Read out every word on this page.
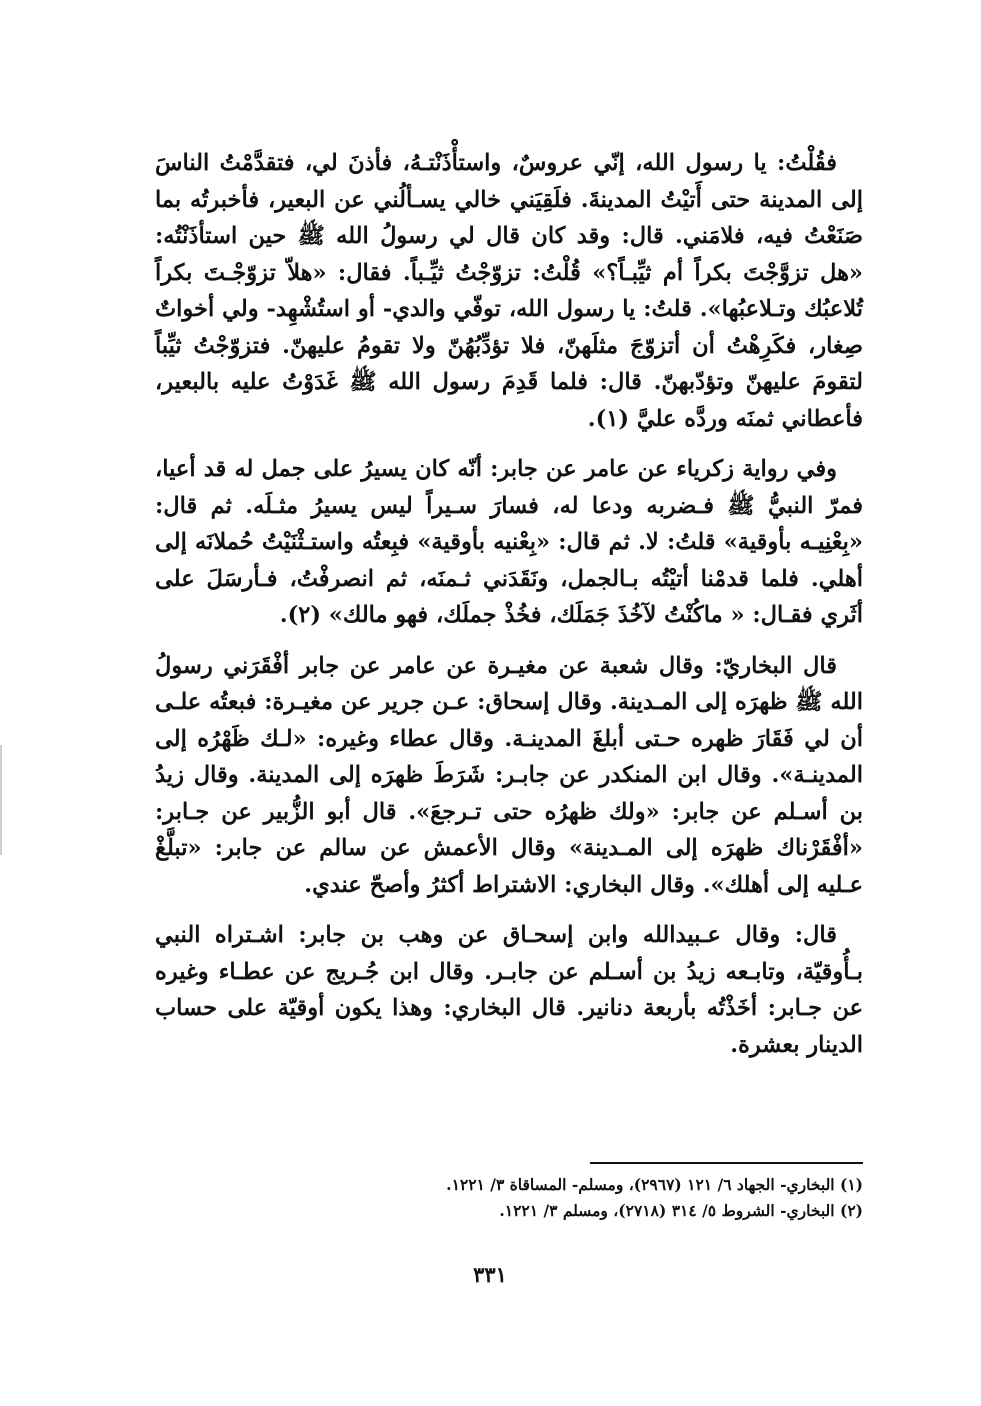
فقُلْتُ: يا رسول الله، إنّي عروسٌ، واستأْذَنْتـهُ، فأذنَ لي، فتقدَّمْتُ الناسَ إلى المدينة حتى أَتيْتُ المدينةَ. فلَقِيَني خالي يسـألُني عن البعير، فأخبرتُه بما صَنَعْتُ فيه، فلامَني. قال: وقد كان قال لي رسولُ الله ﷺ حين استأذَنْتُه: «هل تزوَّجْتَ بكراً أم ثيِّبـاً؟» قُلْتُ: تزوّجْتُ ثيِّـباً. فقال: «هلاّ تزوّجْـتَ بكراً تُلاعبُك وتـلاعبُها». قلتُ: يا رسول الله، توفّي والدي- أو استُشْهِد- ولي أخواتٌ صِغار، فكَرِهْتُ أن أتزوّجَ مثلَهنّ، فلا تؤدِّبُهُنّ ولا تقومُ عليهنّ. فتزوّجْتُ ثيِّباً لتقومَ عليهنّ وتؤدّبهنّ. قال: فلما قَدِمَ رسول الله ﷺ غَدَوْتُ عليه بالبعير، فأعطاني ثمنَه وردَّه عليَّ (١).

وفي رواية زكرياء عن عامر عن جابر: أنّه كان يسيرُ على جمل له قد أعيا، فمرّ النبيُّ ﷺ فـضربه ودعا له، فسارَ سـيراً ليس يسيرُ مثـلَه. ثم قال: «بِعْنِيـه بأوقية» قلتُ: لا. ثم قال: «بِعْنيه بأوقية» فبِعتُه واستـثْنَيْتُ حُملانَه إلى أهلي. فلما قدمْنا أتيْتُه بـالجمل، ونَقَدَني ثـمنَه، ثم انصرفْتُ، فـأرسَلَ على أثَري فقـال: « ماكُنْتُ لآخُذَ جَمَلَك، فخُذْ جملَك، فهو مالك» (٢).

قال البخاريّ: وقال شعبة عن مغيـرة عن عامر عن جابر أفْقَرَني رسولُ الله ﷺ ظهرَه إلى المـدينة. وقال إسحاق: عـن جرير عن مغيـرة: فبعتُه علـى أن لي فَقَارَ ظهره حـتى أبلغَ المدينـة. وقال عطاء وغيره: «لـك ظَهْرُه إلى المدينـة». وقال ابن المنكدر عن جابـر: شَرَطَ ظهرَه إلى المدينة. وقال زيدُ بن أسـلم عن جابر: «ولك ظهرُه حتى تـرجعَ». قال أبو الزُّبير عن جـابر: «أفْقَرْناك ظهرَه إلى المـدينة» وقال الأعمش عن سالم عن جابر: «تبلَّغْ عـليه إلى أهلك». وقال البخاري: الاشتراط أكثرُ وأصحّ عندي.

قال: وقال عـبيدالله وابن إسحـاق عن وهب بن جابر: اشـتراه النبي بـأُوقيّة، وتابـعه زيدُ بن أسـلم عن جابـر. وقال ابن جُـريج عن عطـاء وغيره عن جـابر: أخَذْتُه بأربعة دنانير. قال البخاري: وهذا يكون أوقيّة على حساب الدينار بعشرة.

(١) البخاري- الجهاد ٦/ ١٢١ (٢٩٦٧)، ومسلم- المساقاة ٣/ ١٢٢١.

(٢) البخاري- الشروط ٥/ ٣١٤ (٢٧١٨)، ومسلم ٣/ ١٢٢١.

٣٣١
